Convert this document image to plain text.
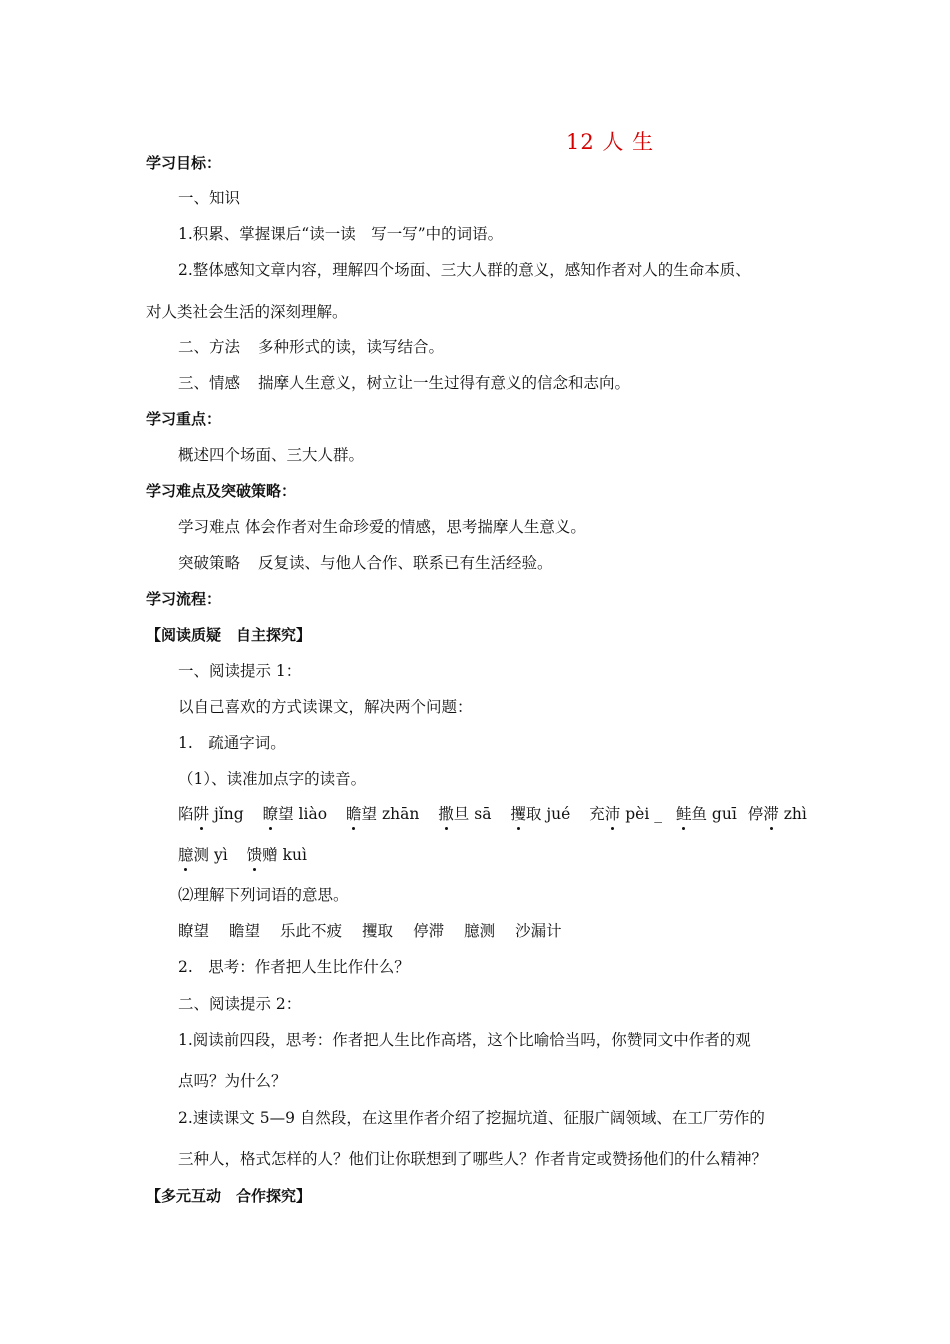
12 人 生
学习目标：
一、知识
1.积累、掌握课后“读一读　写一写”中的词语。
2.整体感知文章内容，理解四个场面、三大人群的意义，感知作者对人的生命本质、
对人类社会生活的深刻理解。
二、方法 多种形式的读，读写结合。
三、情感 揣摩人生意义，树立让一生过得有意义的信念和志向。
学习重点：
概述四个场面、三大人群。
学习难点及突破策略：
学习难点 体会作者对生命珍爱的情感，思考揣摩人生意义。
突破策略 反复读、与他人合作、联系已有生活经验。
学习流程：
【阅读质疑　自主探究】
一、阅读提示 1：
以自己喜欢的方式读课文，解决两个问题：
1.　疏通字词。
（1）、读准加点字的读音。
陷阱 jǐng 瞭望 liào 瞻望 zhān 撒旦 sā 攫取 jué 充沛 pèi _ 鲑鱼 guī 停滞 zhì
臆测 yì 馈赠 kuì
⑵理解下列词语的意思。
瞭望 瞻望 乐此不疲 攫取 停滞 臆测 沙漏计
2.　思考：作者把人生比作什么？
二、阅读提示 2：
1.阅读前四段，思考：作者把人生比作高塔，这个比喻恰当吗，你赞同文中作者的观
点吗？为什么？
2.速读课文 5—9 自然段，在这里作者介绍了挖掘坑道、征服广阔领域、在工厂劳作的
三种人，格式怎样的人？他们让你联想到了哪些人？作者肯定或赞扬他们的什么精神？
【多元互动　合作探究】
